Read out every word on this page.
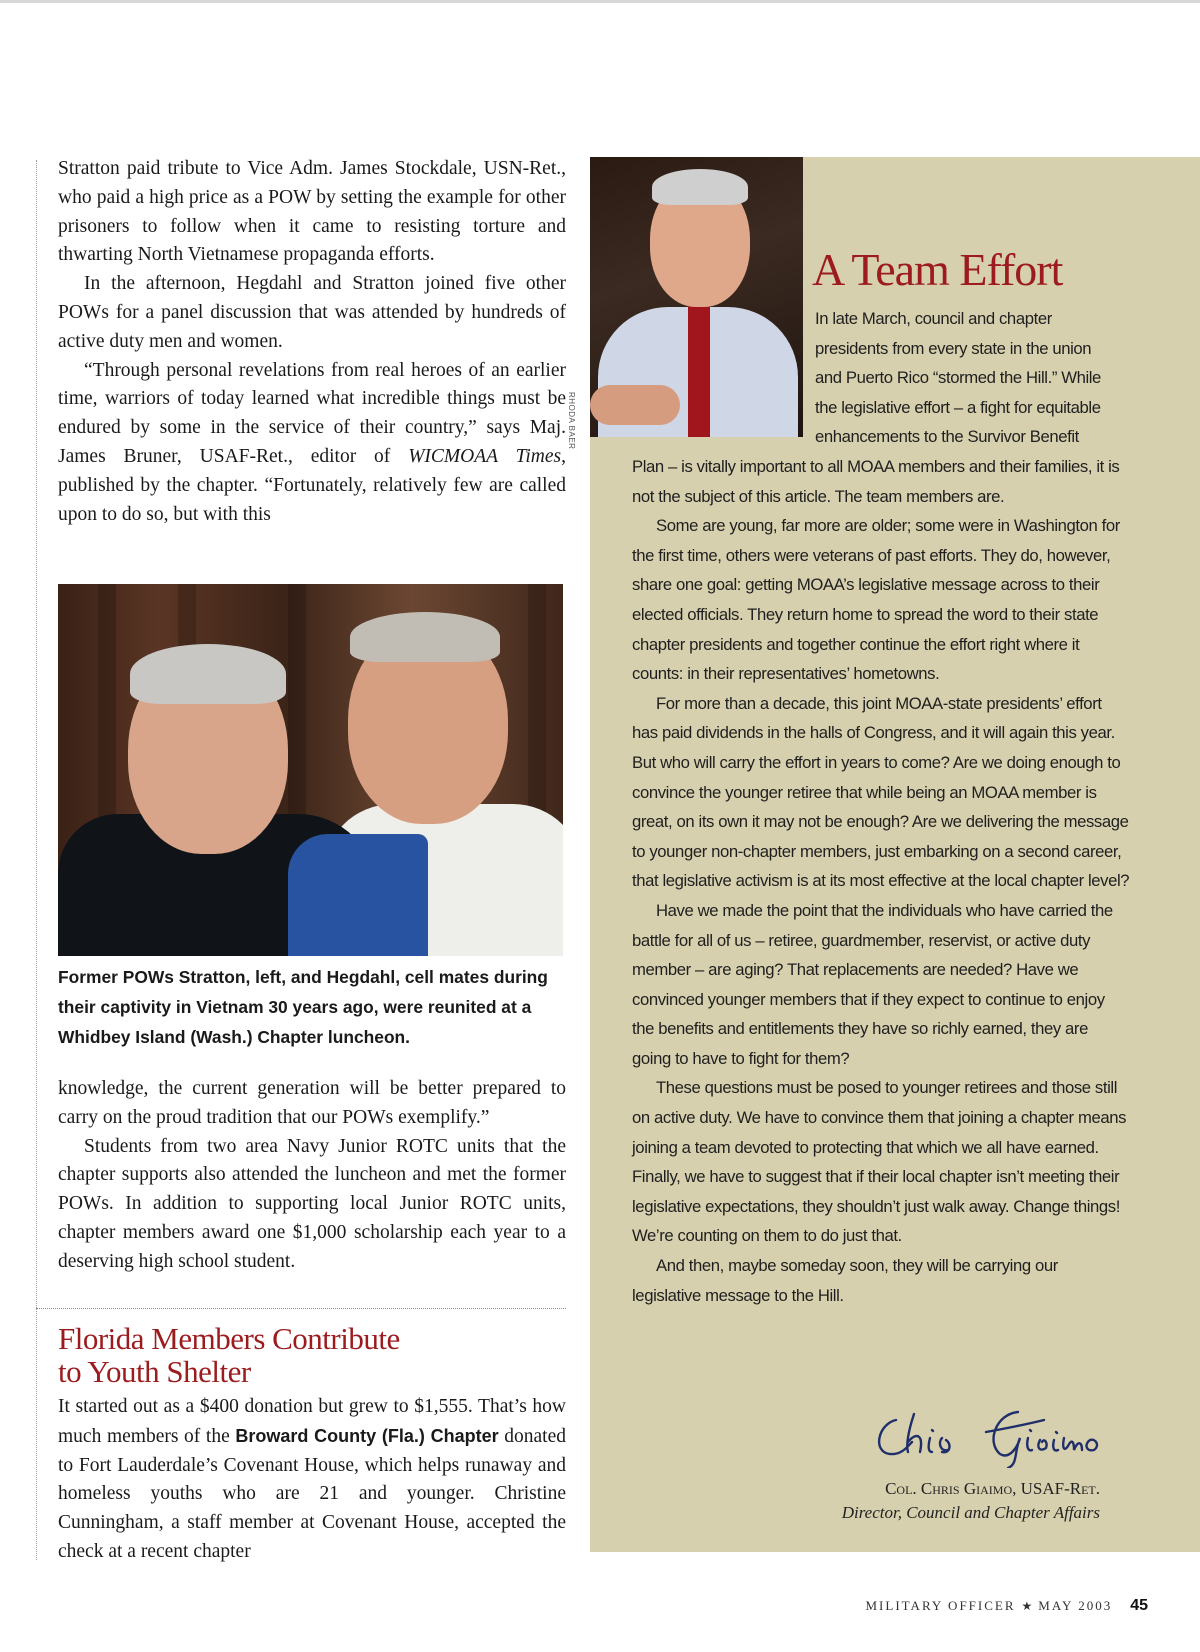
Stratton paid tribute to Vice Adm. James Stockdale, USN-Ret., who paid a high price as a POW by setting the example for other prisoners to follow when it came to resisting torture and thwarting North Vietnamese propaganda efforts.

In the afternoon, Hegdahl and Stratton joined five other POWs for a panel discussion that was attended by hundreds of active duty men and women.

“Through personal revelations from real heroes of an earlier time, warriors of today learned what incredible things must be endured by some in the service of their country,” says Maj. James Bruner, USAF-Ret., editor of WICMOAA Times, published by the chapter. “Fortunately, relatively few are called upon to do so, but with this

Former POWs Stratton, left, and Hegdahl, cell mates during their captivity in Vietnam 30 years ago, were reunited at a Whidbey Island (Wash.) Chapter luncheon.

knowledge, the current generation will be better prepared to carry on the proud tradition that our POWs exemplify.”

Students from two area Navy Junior ROTC units that the chapter supports also attended the luncheon and met the former POWs. In addition to supporting local Junior ROTC units, chapter members award one $1,000 scholarship each year to a deserving high school student.

Florida Members Contribute
to Youth Shelter

It started out as a $400 donation but grew to $1,555. That’s how much members of the Broward County (Fla.) Chapter donated to Fort Lauderdale’s Covenant House, which helps runaway and homeless youths who are 21 and younger. Christine Cunningham, a staff member at Covenant House, accepted the check at a recent chapter

RHODA BAER
A Team Effort

In late March, council and chapter presidents from every state in the union and Puerto Rico “stormed the Hill.” While the legislative effort – a fight for equitable enhancements to the Survivor Benefit

Plan – is vitally important to all MOAA members and their families, it is not the subject of this article. The team members are.

Some are young, far more are older; some were in Washington for the first time, others were veterans of past efforts. They do, however, share one goal: getting MOAA’s legislative message across to their elected officials. They return home to spread the word to their state chapter presidents and together continue the effort right where it counts: in their representatives’ hometowns.

For more than a decade, this joint MOAA-state presidents’ effort has paid dividends in the halls of Congress, and it will again this year. But who will carry the effort in years to come? Are we doing enough to convince the younger retiree that while being an MOAA member is great, on its own it may not be enough? Are we delivering the message to younger non-chapter members, just embarking on a second career, that legislative activism is at its most effective at the local chapter level?

Have we made the point that the individuals who have carried the battle for all of us – retiree, guardmember, reservist, or active duty member – are aging? That replacements are needed? Have we convinced younger members that if they expect to continue to enjoy the benefits and entitlements they have so richly earned, they are going to have to fight for them?

These questions must be posed to younger retirees and those still on active duty. We have to convince them that joining a chapter means joining a team devoted to protecting that which we all have earned. Finally, we have to suggest that if their local chapter isn’t meeting their legislative expectations, they shouldn’t just walk away. Change things! We’re counting on them to do just that.

And then, maybe someday soon, they will be carrying our legislative message to the Hill.

Col. Chris Giaimo, USAF-Ret.

Director, Council and Chapter Affairs

MILITARY OFFICER ★ MAY 2003 45
